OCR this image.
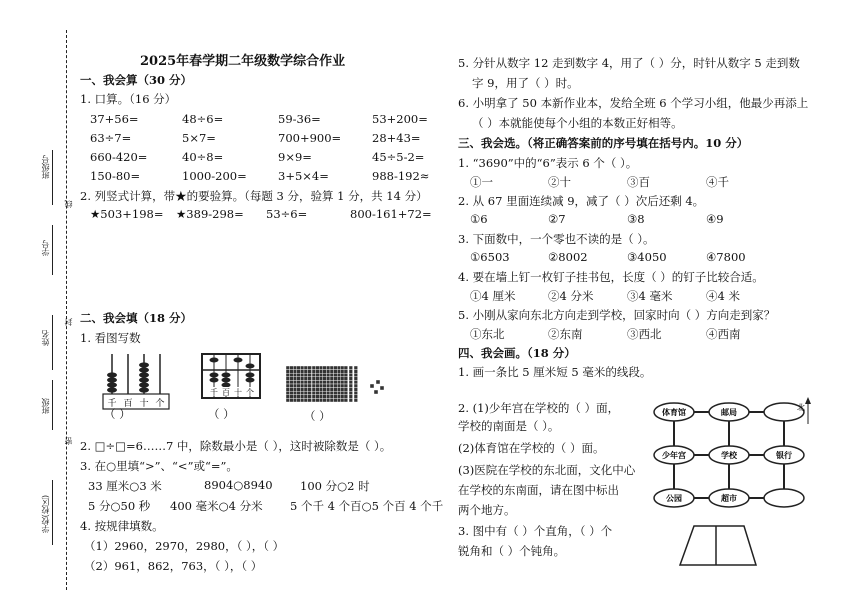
班级号
学号
姓名
班级
学校(校区)
线
封
密
2025年春学期二年级数学综合作业
一、我会算（30 分）
1. 口算。（16 分）
37+56=	48÷6=	59-36=	53+200=
63÷7=	5×7=	700+900=	28+43=
660-420=	40÷8=	9×9=	45÷5-2=
150-80=	1000-200=	3+5×4=	988-192≈
2. 列竖式计算，带★的要验算。（每题 3 分，验算 1 分，共 14 分）
★503+198= ★389-298= 53÷6=	800-161+72=
二、我会填（18 分）
1. 看图写数
千 百 十 个
千 百 十 个
（ ）	（ ）	（ ）
2. □÷□=6……7 中，除数最小是（ ），这时被除数是（ ）。
3. 在○里填“>”、“<”或“=”。
33 厘米○3 米	8904○8940 100 分○2 时
5 分○50 秒 400 毫米○4 分米 5 个千 4 个百○5 个百 4 个千
4. 按规律填数。
（1）2960，2970，2980，（ ），（ ）
（2）961，862，763，（ ），（ ）
5. 分针从数字 12 走到数字 4，用了（ ）分，时针从数字 5 走到数
字 9，用了（ ）时。
6. 小明拿了 50 本新作业本，发给全班 6 个学习小组，他最少再添上
（ ）本就能使每个小组的本数正好相等。
三、我会选。（将正确答案前的序号填在括号内。10 分）
1. “3690”中的“6”表示 6 个（ ）。
①一	②十	③百	④千
2. 从 67 里面连续减 9，减了（ ）次后还剩 4。
①6	②7	③8	④9
3. 下面数中，一个零也不读的是（ ）。
①6503	②8002	③4050	④7800
4. 要在墙上钉一枚钉子挂书包，长度（ ）的钉子比较合适。
①4 厘米	②4 分米	③4 毫米	④4 米
5. 小刚从家向东北方向走到学校，回家时向（ ）方向走到家？
①东北	②东南	③西北	④西南
四、我会画。（18 分）
1. 画一条比 5 厘米短 5 毫米的线段。
2. (1)少年宫在学校的（ ）面，
学校的南面是（ ）。
(2)体育馆在学校的（ ）面。
(3)医院在学校的东北面，文化中心
在学校的东南面，请在图中标出
两个地方。
3. 图中有（ ）个直角，（ ）个
锐角和（ ）个钝角。
体育馆	邮局
少年宫	学校	银行
公园	超市
北
